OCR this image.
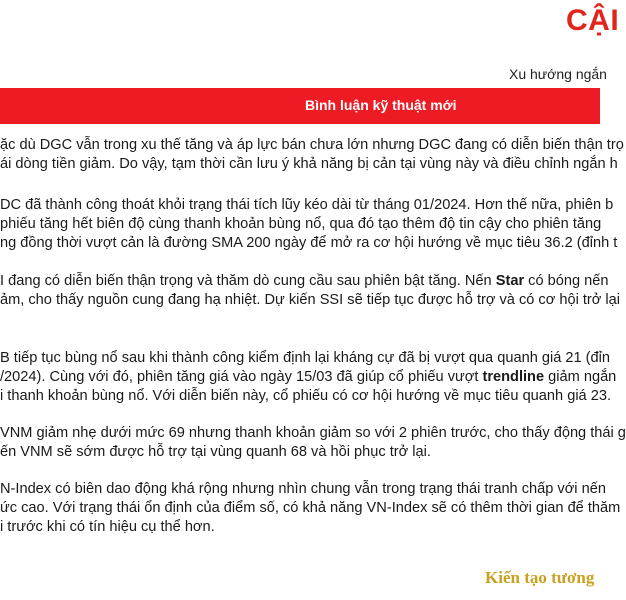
CẬI
Xu hướng ngắn
Bình luận kỹ thuật mới
ặc dù DGC vẫn trong xu thế tăng và áp lực bán chưa lớn nhưng DGC đang có diễn biến thận trọ
ái dòng tiền giảm. Do vậy, tạm thời cần lưu ý khả năng bị cản tại vùng này và điều chỉnh ngắn h
DC đã thành công thoát khỏi trạng thái tích lũy kéo dài từ tháng 01/2024. Hơn thế nữa, phiên b
phiếu tăng hết biên độ cùng thanh khoản bùng nổ, qua đó tạo thêm độ tin cậy cho phiên tăng
ng đồng thời vượt cản là đường SMA 200 ngày để mở ra cơ hội hướng về mục tiêu 36.2 (đỉnh t
I đang có diễn biến thận trọng và thăm dò cung cầu sau phiên bật tăng. Nến Star có bóng nến
ảm, cho thấy nguồn cung đang hạ nhiệt. Dự kiến SSI sẽ tiếp tục được hỗ trợ và có cơ hội trở lại
B tiếp tục bùng nổ sau khi thành công kiểm định lại kháng cự đã bị vượt qua quanh giá 21 (đỉn
/2024). Cùng với đó, phiên tăng giá vào ngày 15/03 đã giúp cổ phiếu vượt trendline giảm ngắn
i thanh khoản bùng nổ. Với diễn biến này, cổ phiếu có cơ hội hướng về mục tiêu quanh giá 23.
VNM giảm nhẹ dưới mức 69 nhưng thanh khoản giảm so với 2 phiên trước, cho thấy động thái g
ến VNM sẽ sớm được hỗ trợ tại vùng quanh 68 và hồi phục trở lại.
N-Index có biên dao động khá rộng nhưng nhìn chung vẫn trong trạng thái tranh chấp với nến
ức cao. Với trạng thái ổn định của điểm số, có khả năng VN-Index sẽ có thêm thời gian để thăm
i trước khi có tín hiệu cụ thể hơn.
Kiến tạo tương
